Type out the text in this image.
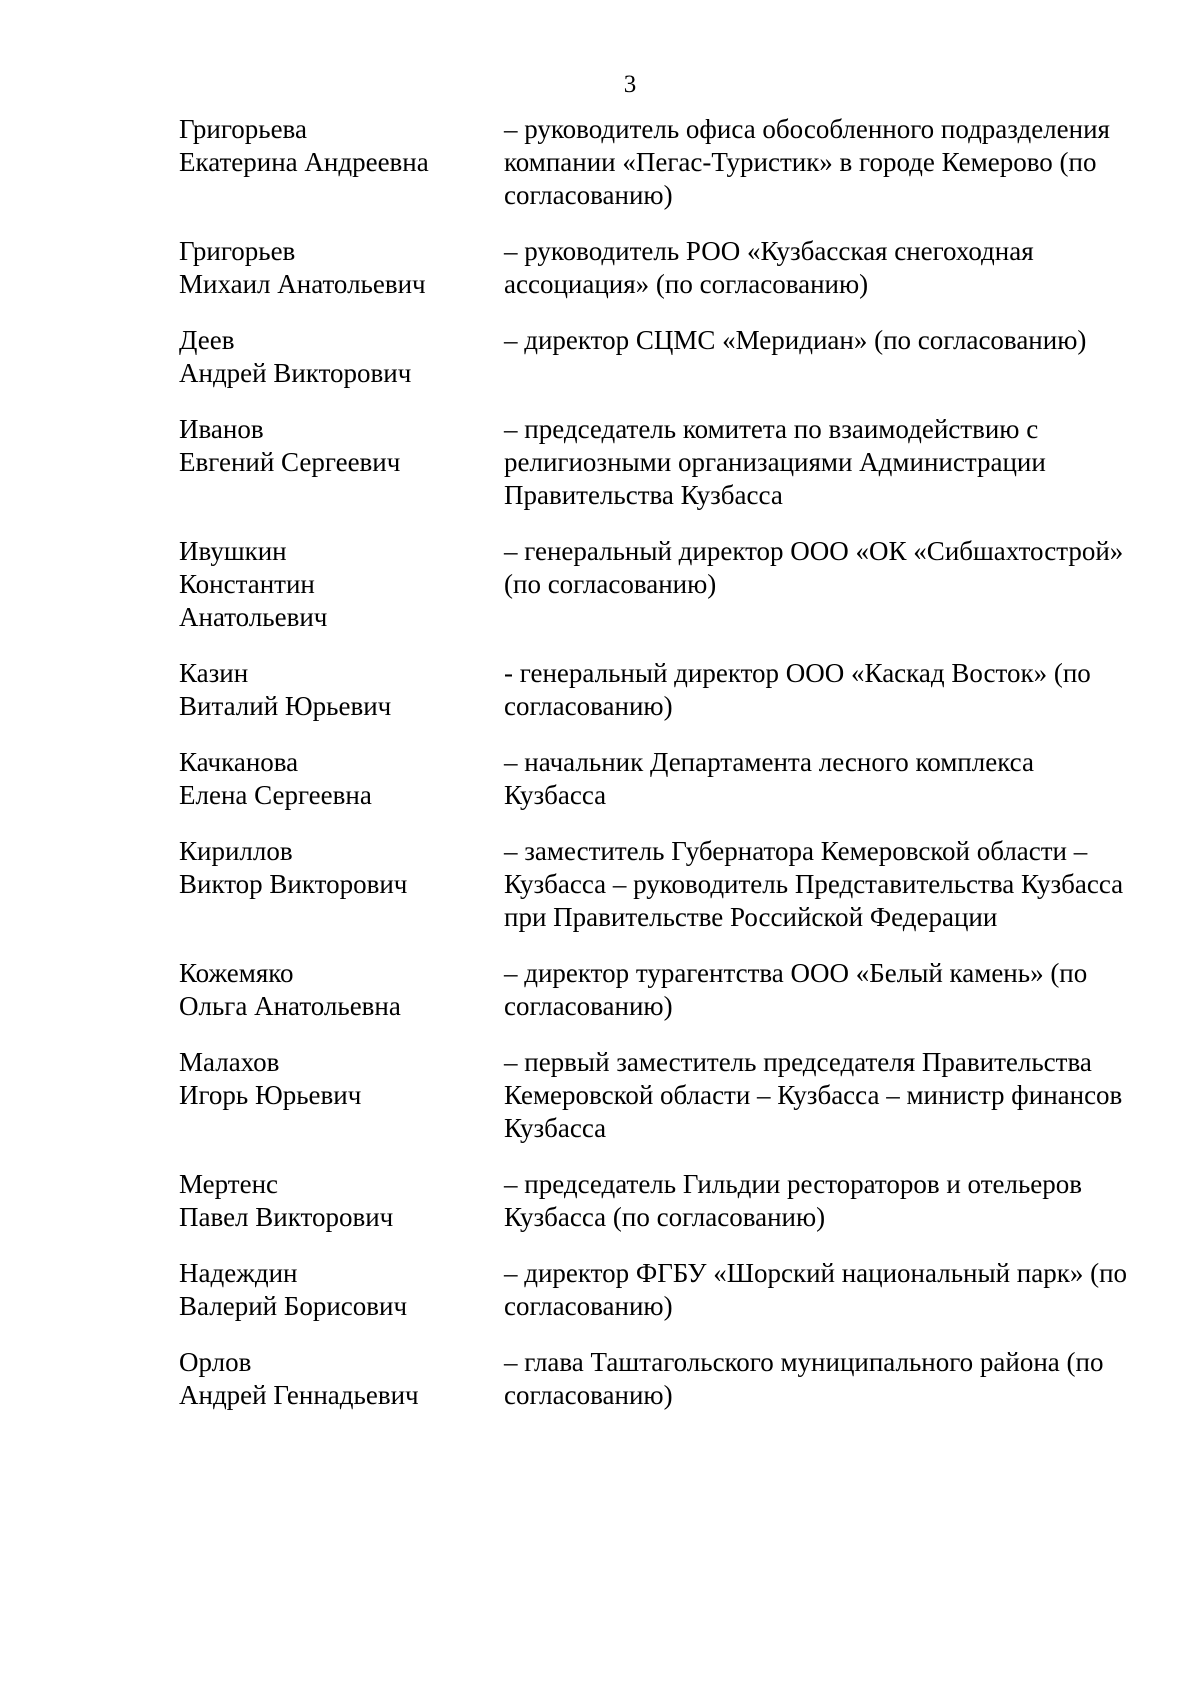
3
Григорьева
Екатерина Андреевна
– руководитель офиса обособленного подразделения компании «Пегас-Туристик» в городе Кемерово (по согласованию)
Григорьев
Михаил Анатольевич
– руководитель РОО «Кузбасская снегоходная ассоциация» (по согласованию)
Деев
Андрей Викторович
– директор СЦМС «Меридиан» (по согласованию)
Иванов
Евгений Сергеевич
– председатель комитета по взаимодействию с религиозными организациями Администрации Правительства Кузбасса
Ивушкин
Константин
Анатольевич
– генеральный директор ООО «ОК «Сибшахтострой» (по согласованию)
Казин
Виталий Юрьевич
- генеральный директор ООО «Каскад Восток» (по согласованию)
Качканова
Елена Сергеевна
– начальник Департамента лесного комплекса Кузбасса
Кириллов
Виктор Викторович
– заместитель Губернатора Кемеровской области – Кузбасса – руководитель Представительства Кузбасса при Правительстве Российской Федерации
Кожемяко
Ольга Анатольевна
– директор турагентства ООО «Белый камень» (по согласованию)
Малахов
Игорь Юрьевич
– первый заместитель председателя Правительства Кемеровской области – Кузбасса – министр финансов Кузбасса
Мертенс
Павел Викторович
– председатель Гильдии рестораторов и отельеров Кузбасса (по согласованию)
Надеждин
Валерий Борисович
– директор ФГБУ «Шорский национальный парк» (по согласованию)
Орлов
Андрей Геннадьевич
– глава Таштагольского муниципального района (по согласованию)
